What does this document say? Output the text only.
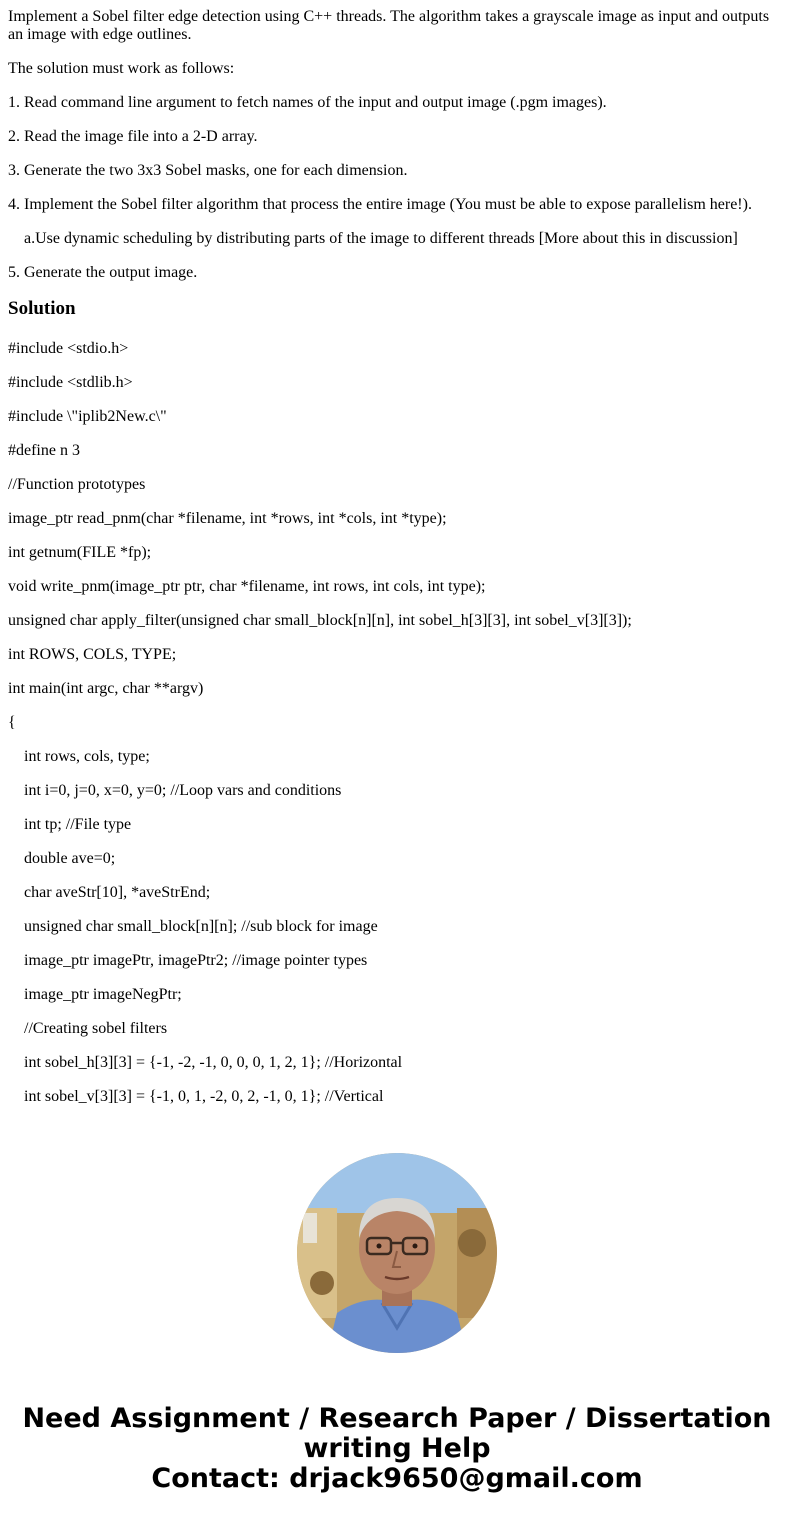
Implement a Sobel filter edge detection using C++ threads. The algorithm takes a grayscale image as input and outputs an image with edge outlines.

The solution must work as follows:

1. Read command line argument to fetch names of the input and output image (.pgm images).

2. Read the image file into a 2-D array.

3. Generate the two 3x3 Sobel masks, one for each dimension.

4. Implement the Sobel filter algorithm that process the entire image (You must be able to expose parallelism here!).

a.Use dynamic scheduling by distributing parts of the image to different threads [More about this in discussion]

5. Generate the output image.

Solution

#include <stdio.h>

#include <stdlib.h>

#include \"iplib2New.c\"

#define n 3

//Function prototypes

image_ptr read_pnm(char *filename, int *rows, int *cols, int *type);

int getnum(FILE *fp);

void write_pnm(image_ptr ptr, char *filename, int rows, int cols, int type);

unsigned char apply_filter(unsigned char small_block[n][n], int sobel_h[3][3], int sobel_v[3][3]);

int ROWS, COLS, TYPE;

int main(int argc, char **argv)

{

int rows, cols, type;

int i=0, j=0, x=0, y=0; //Loop vars and conditions

int tp; //File type

double ave=0;

char aveStr[10], *aveStrEnd;

unsigned char small_block[n][n]; //sub block for image

image_ptr imagePtr, imagePtr2; //image pointer types

image_ptr imageNegPtr;

//Creating sobel filters

int sobel_h[3][3] = {-1, -2, -1, 0, 0, 0, 1, 2, 1}; //Horizontal

int sobel_v[3][3] = {-1, 0, 1, -2, 0, 2, -1, 0, 1}; //Vertical

Need Assignment / Research Paper / Dissertation
writing Help
Contact: drjack9650@gmail.com
